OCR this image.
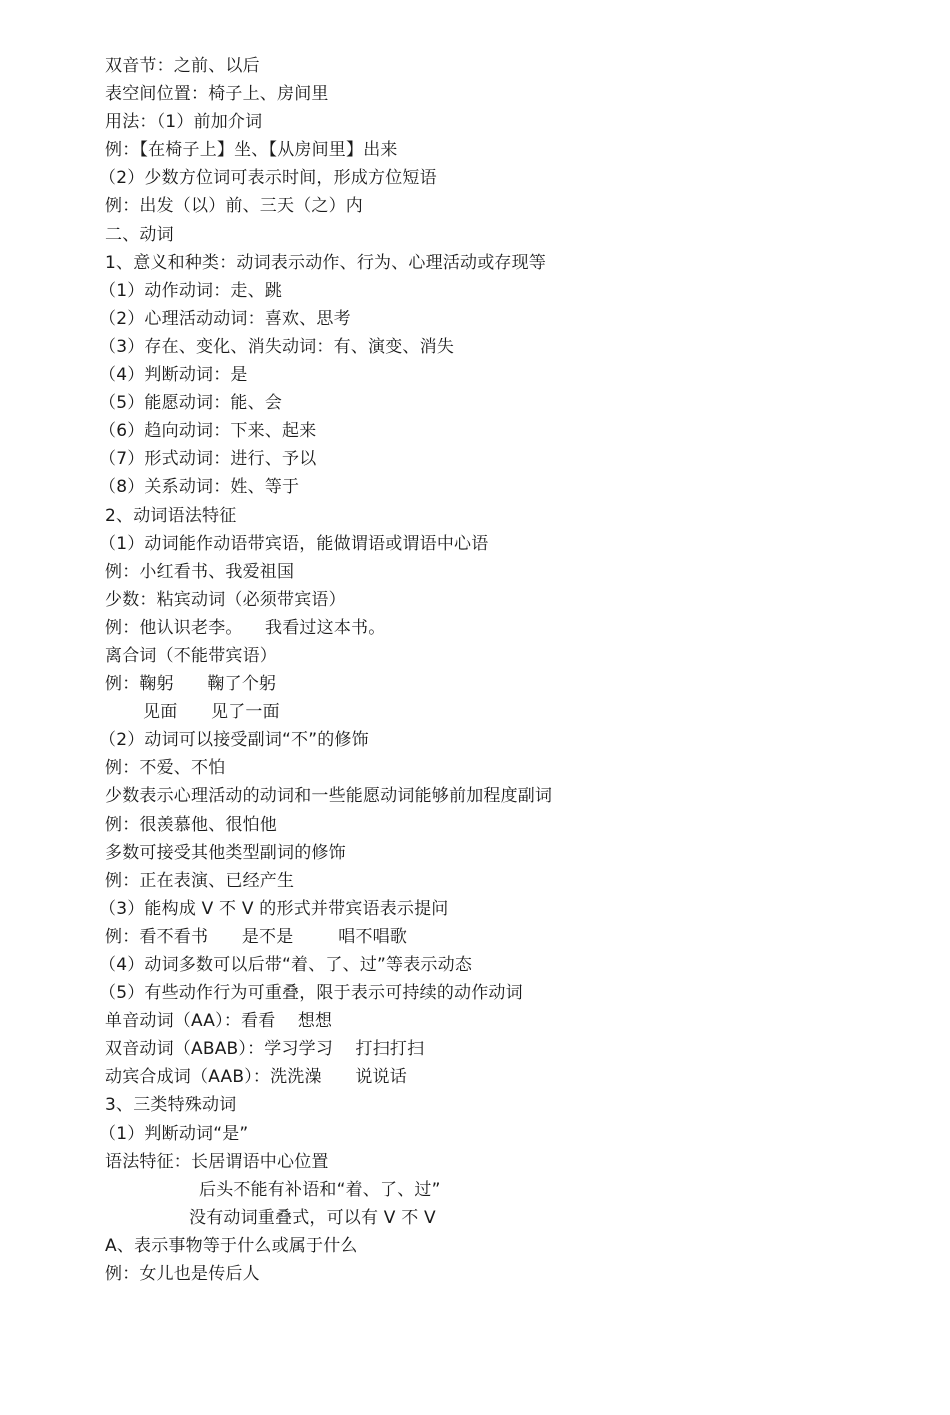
双音节：之前、以后
表空间位置：椅子上、房间里
用法：（1）前加介词
例：【在椅子上】坐、【从房间里】出来
（2）少数方位词可表示时间，形成方位短语
例：出发（以）前、三天（之）内
二、动词
1、意义和种类：动词表示动作、行为、心理活动或存现等
（1）动作动词：走、跳
（2）心理活动动词：喜欢、思考
（3）存在、变化、消失动词：有、演变、消失
（4）判断动词：是
（5）能愿动词：能、会
（6）趋向动词：下来、起来
（7）形式动词：进行、予以
（8）关系动词：姓、等于
2、动词语法特征
（1）动词能作动语带宾语，能做谓语或谓语中心语
例：小红看书、我爱祖国
少数：粘宾动词（必须带宾语）
例：他认识老李。    我看过这本书。
离合词（不能带宾语）
例：鞠躬      鞠了个躬
见面      见了一面
（2）动词可以接受副词“不”的修饰
例：不爱、不怕
少数表示心理活动的动词和一些能愿动词能够前加程度副词
例：很羡慕他、很怕他
多数可接受其他类型副词的修饰
例：正在表演、已经产生
（3）能构成 V 不 V 的形式并带宾语表示提问
例：看不看书      是不是        唱不唱歌
（4）动词多数可以后带“着、了、过”等表示动态
（5）有些动作行为可重叠，限于表示可持续的动作动词
单音动词（AA）：看看    想想
双音动词（ABAB）：学习学习    打扫打扫
动宾合成词（AAB）：洗洗澡      说说话
3、三类特殊动词
（1）判断动词“是”
语法特征：长居谓语中心位置
后头不能有补语和“着、了、过”
没有动词重叠式，可以有 V 不 V
A、表示事物等于什么或属于什么
例：女儿也是传后人
